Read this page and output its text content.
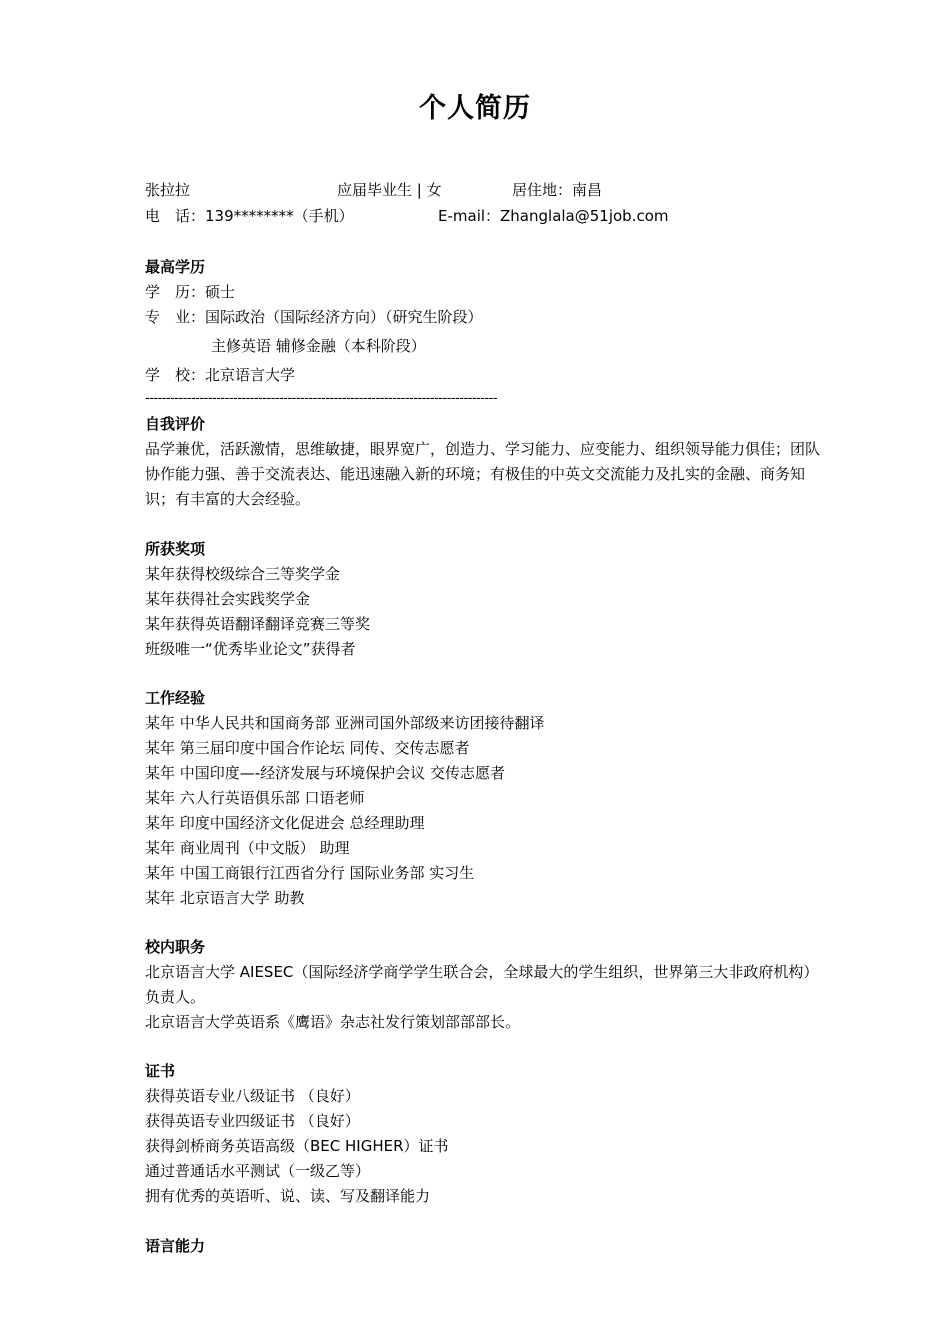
个人简历
张拉拉	应届毕业生 | 女	居住地：南昌
电　话：139********（手机）	E-mail：Zhanglala@51job.com
最高学历
学　历：硕士
专　业：国际政治（国际经济方向）（研究生阶段）
主修英语 辅修金融（本科阶段）
学　校：北京语言大学
------------------------------------------------------------------------------------
自我评价
品学兼优，活跃激情，思维敏捷，眼界宽广，创造力、学习能力、应变能力、组织领导能力俱佳；团队协作能力强、善于交流表达、能迅速融入新的环境；有极佳的中英文交流能力及扎实的金融、商务知识；有丰富的大会经验。
所获奖项
某年获得校级综合三等奖学金
某年获得社会实践奖学金
某年获得英语翻译翻译竞赛三等奖
班级唯一“优秀毕业论文”获得者
工作经验
某年 中华人民共和国商务部 亚洲司国外部级来访团接待翻译
某年 第三届印度中国合作论坛 同传、交传志愿者
某年 中国印度—-经济发展与环境保护会议 交传志愿者
某年 六人行英语俱乐部 口语老师
某年 印度中国经济文化促进会 总经理助理
某年 商业周刊（中文版） 助理
某年 中国工商银行江西省分行 国际业务部 实习生
某年 北京语言大学 助教
校内职务
北京语言大学 AIESEC（国际经济学商学学生联合会，全球最大的学生组织，世界第三大非政府机构）负责人。
北京语言大学英语系《鹰语》杂志社发行策划部部部长。
证书
获得英语专业八级证书 （良好）
获得英语专业四级证书 （良好）
获得剑桥商务英语高级（BEC HIGHER）证书
通过普通话水平测试（一级乙等）
拥有优秀的英语听、说、读、写及翻译能力
语言能力
